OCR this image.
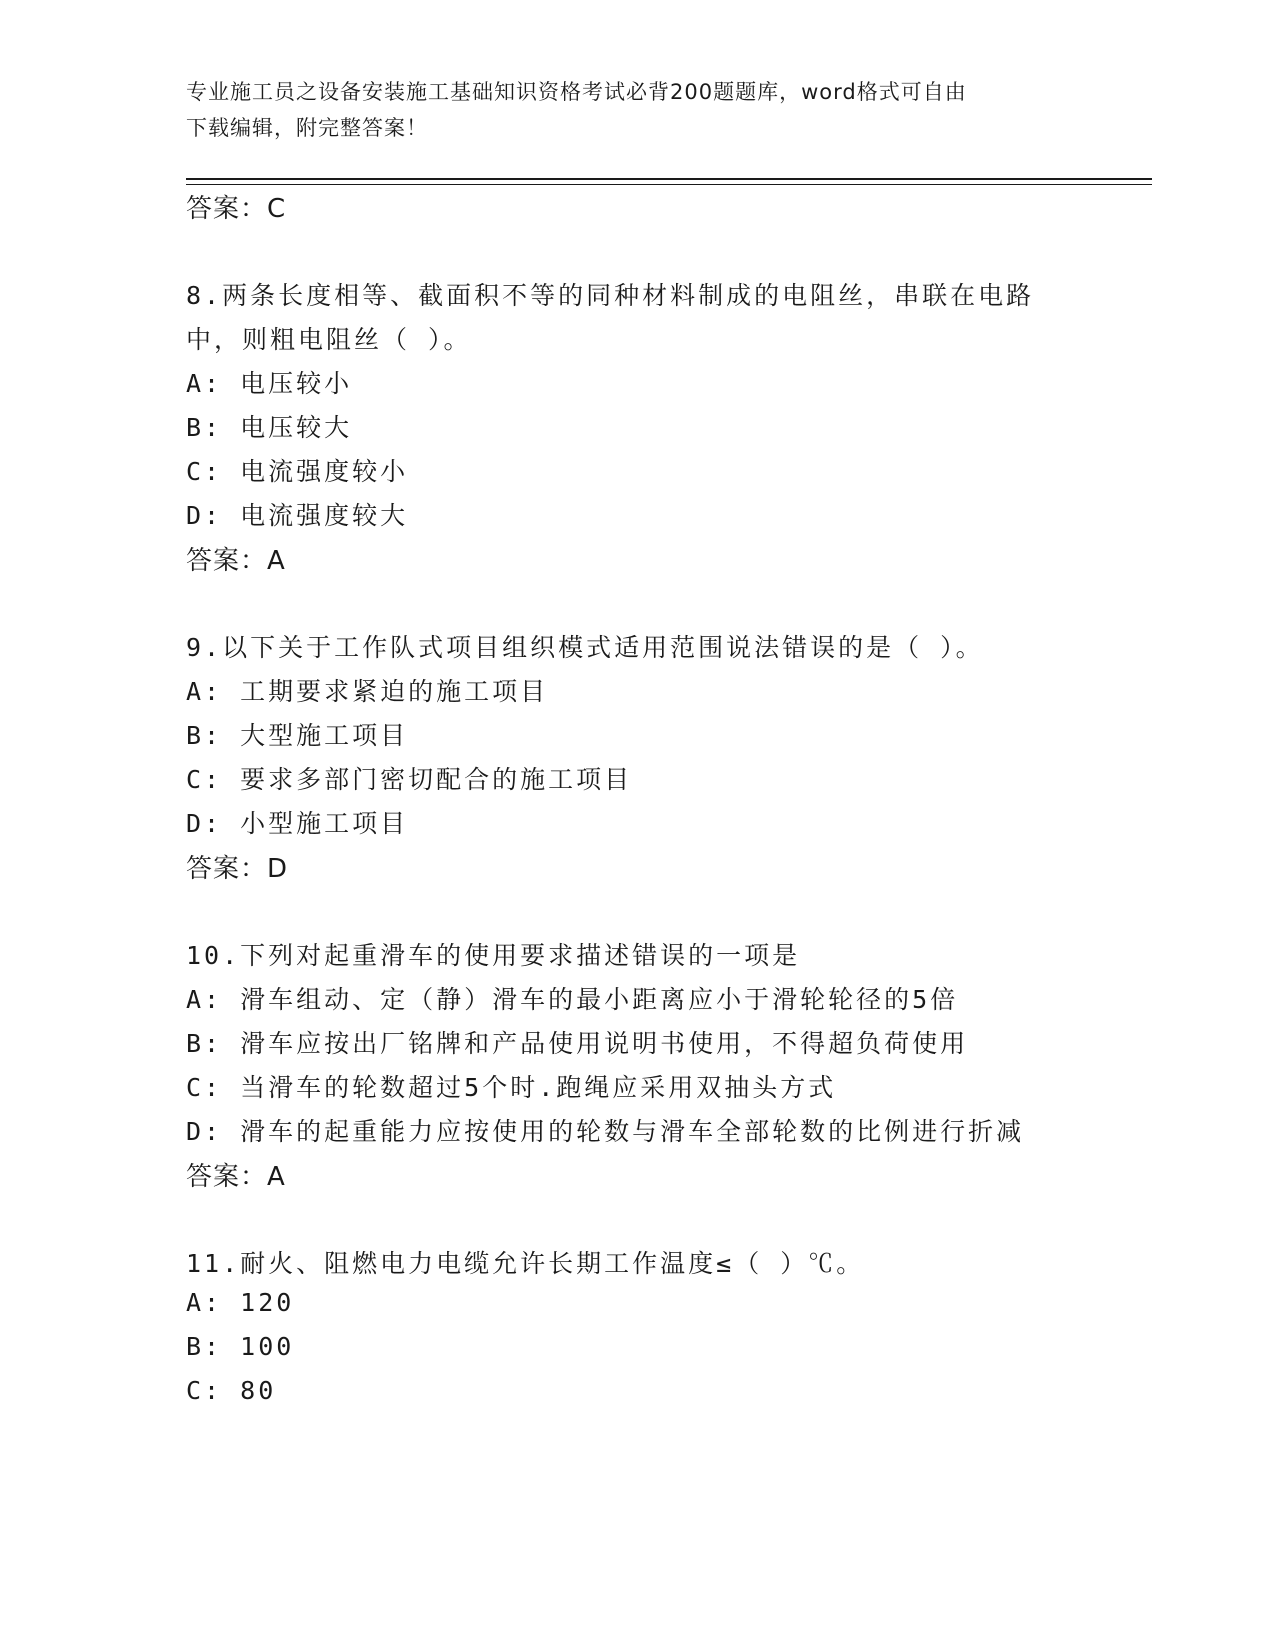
专业施工员之设备安装施工基础知识资格考试必背200题题库，word格式可自由
下载编辑，附完整答案！
答案：C
8.两条长度相等、截面积不等的同种材料制成的电阻丝，串联在电路
中，则粗电阻丝（ ）。
A: 电压较小
B: 电压较大
C: 电流强度较小
D: 电流强度较大
答案：A
9.以下关于工作队式项目组织模式适用范围说法错误的是（ ）。
A: 工期要求紧迫的施工项目
B: 大型施工项目
C: 要求多部门密切配合的施工项目
D: 小型施工项目
答案：D
10.下列对起重滑车的使用要求描述错误的一项是
A: 滑车组动、定（静）滑车的最小距离应小于滑轮轮径的5倍
B: 滑车应按出厂铭牌和产品使用说明书使用，不得超负荷使用
C: 当滑车的轮数超过5个时.跑绳应采用双抽头方式
D: 滑车的起重能力应按使用的轮数与滑车全部轮数的比例进行折减
答案：A
11.耐火、阻燃电力电缆允许长期工作温度≤（ ）℃。
A: 120
B: 100
C: 80
